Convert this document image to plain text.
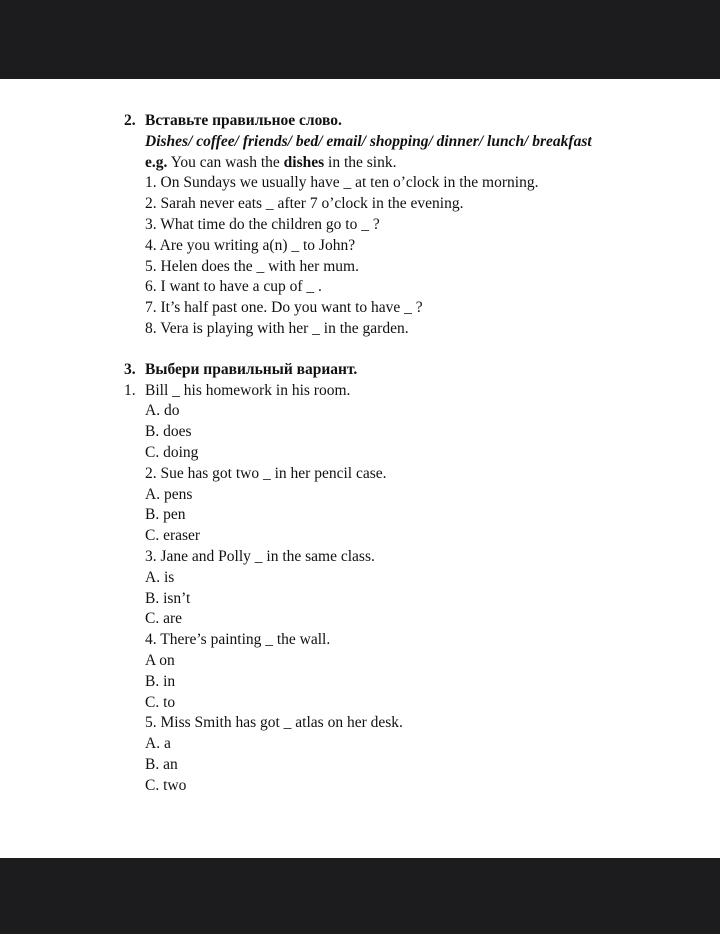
2. Вставьте правильное слово.
Dishes/ coffee/ friends/ bed/ email/ shopping/ dinner/ lunch/ breakfast
e.g. You can wash the dishes in the sink.
1. On Sundays we usually have _ at ten o’clock in the morning.
2. Sarah never eats _ after 7 o’clock in the evening.
3. What time do the children go to _ ?
4. Are you writing a(n) _ to John?
5. Helen does the _ with her mum.
6. I want to have a cup of _ .
7. It’s half past one. Do you want to have _ ?
8. Vera is playing with her _ in the garden.
3. Выбери правильный вариант.
1. Bill _ his homework in his room.
A. do
B. does
C. doing
2. Sue has got two _ in her pencil case.
A. pens
B. pen
C. eraser
3. Jane and Polly _ in the same class.
A. is
B. isn’t
C. are
4. There’s painting _ the wall.
A on
B. in
C. to
5. Miss Smith has got _ atlas on her desk.
A. a
B. an
C. two
